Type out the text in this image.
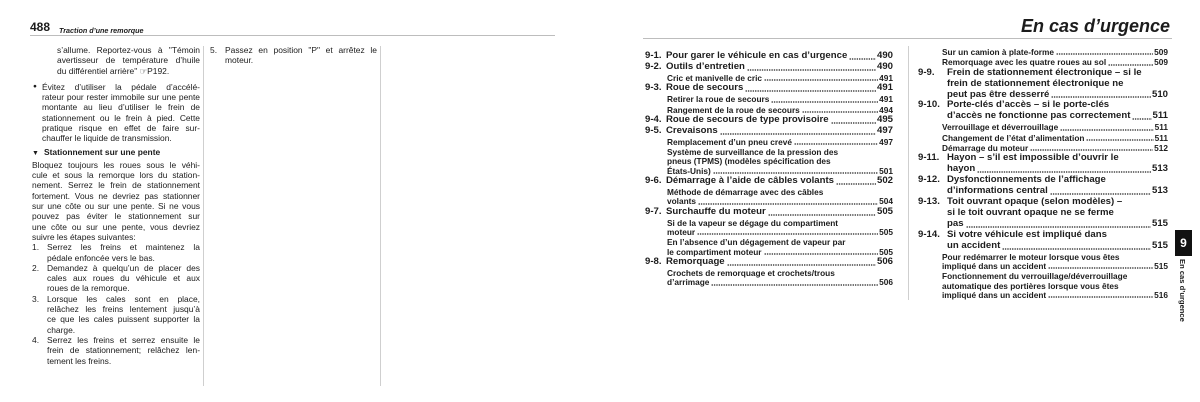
488 Traction d’une remorque
s’allume. Reportez-vous à "Témoin
avertisseur de température d’huile
du différentiel arrière" ☞P192.
● Évitez d’utiliser la pédale d’accélé-
rateur pour rester immobile sur une pente
montante au lieu d’utiliser le frein de
stationnement ou le frein à pied. Cette
pratique risque en effet de faire sur-
chauffer le liquide de transmission.
▼ Stationnement sur une pente
Bloquez toujours les roues sous le véhi-
cule et sous la remorque lors du station-
nement. Serrez le frein de stationnement
fortement. Vous ne devriez pas stationner
sur une côte ou sur une pente. Si ne vous
pouvez pas éviter le stationnement sur
une côte ou sur une pente, vous devriez
suivre les étapes suivantes:
1. Serrez les freins et maintenez la
pédale enfoncée vers le bas.
2. Demandez à quelqu’un de placer des
cales aux roues du véhicule et aux
roues de la remorque.
3. Lorsque les cales sont en place,
relâchez les freins lentement jusqu’à
ce que les cales puissent supporter la
charge.
4. Serrez les freins et serrez ensuite le
frein de stationnement; relâchez len-
tement les freins.
5. Passez en position "P" et arrêtez le
moteur.
En cas d’urgence
9-1. Pour garer le véhicule en cas d’urgence	490
9-2. Outils d’entretien	490
Cric et manivelle de cric	491
9-3. Roue de secours	491
Retirer la roue de secours	491
Rangement de la roue de secours	494
9-4. Roue de secours de type provisoire	495
9-5. Crevaisons	497
Remplacement d’un pneu crevé	497
Système de surveillance de la pression des
pneus (TPMS) (modèles spécification des
États-Unis)	501
9-6. Démarrage à l’aide de câbles volants	502
Méthode de démarrage avec des câbles
volants	504
9-7. Surchauffe du moteur	505
Si de la vapeur se dégage du compartiment
moteur	505
En l’absence d’un dégagement de vapeur par
le compartiment moteur	505
9-8. Remorquage	506
Crochets de remorquage et crochets/trous
d’arrimage	506
Sur un camion à plate-forme	509
Remorquage avec les quatre roues au sol	509
9-9.	Frein de stationnement électronique – si le
frein de stationnement électronique ne
peut pas être desserré	510
9-10. Porte-clés d’accès – si le porte-clés
d’accès ne fonctionne pas correctement 511
Verrouillage et déverrouillage	511
Changement de l’état d’alimentation	511
Démarrage du moteur	512
9-11. Hayon – s’il est impossible d’ouvrir le
hayon	513
9-12. Dysfonctionnements de l’affichage
d’informations central	513
9-13. Toit ouvrant opaque (selon modèles) –
si le toit ouvrant opaque ne se ferme
pas	515
9-14. Si votre véhicule est impliqué dans
un accident	515
Pour redémarrer le moteur lorsque vous êtes
impliqué dans un accident	515
Fonctionnement du verrouillage/déverrouillage
automatique des portières lorsque vous êtes
impliqué dans un accident	516
9
En cas d’urgence
